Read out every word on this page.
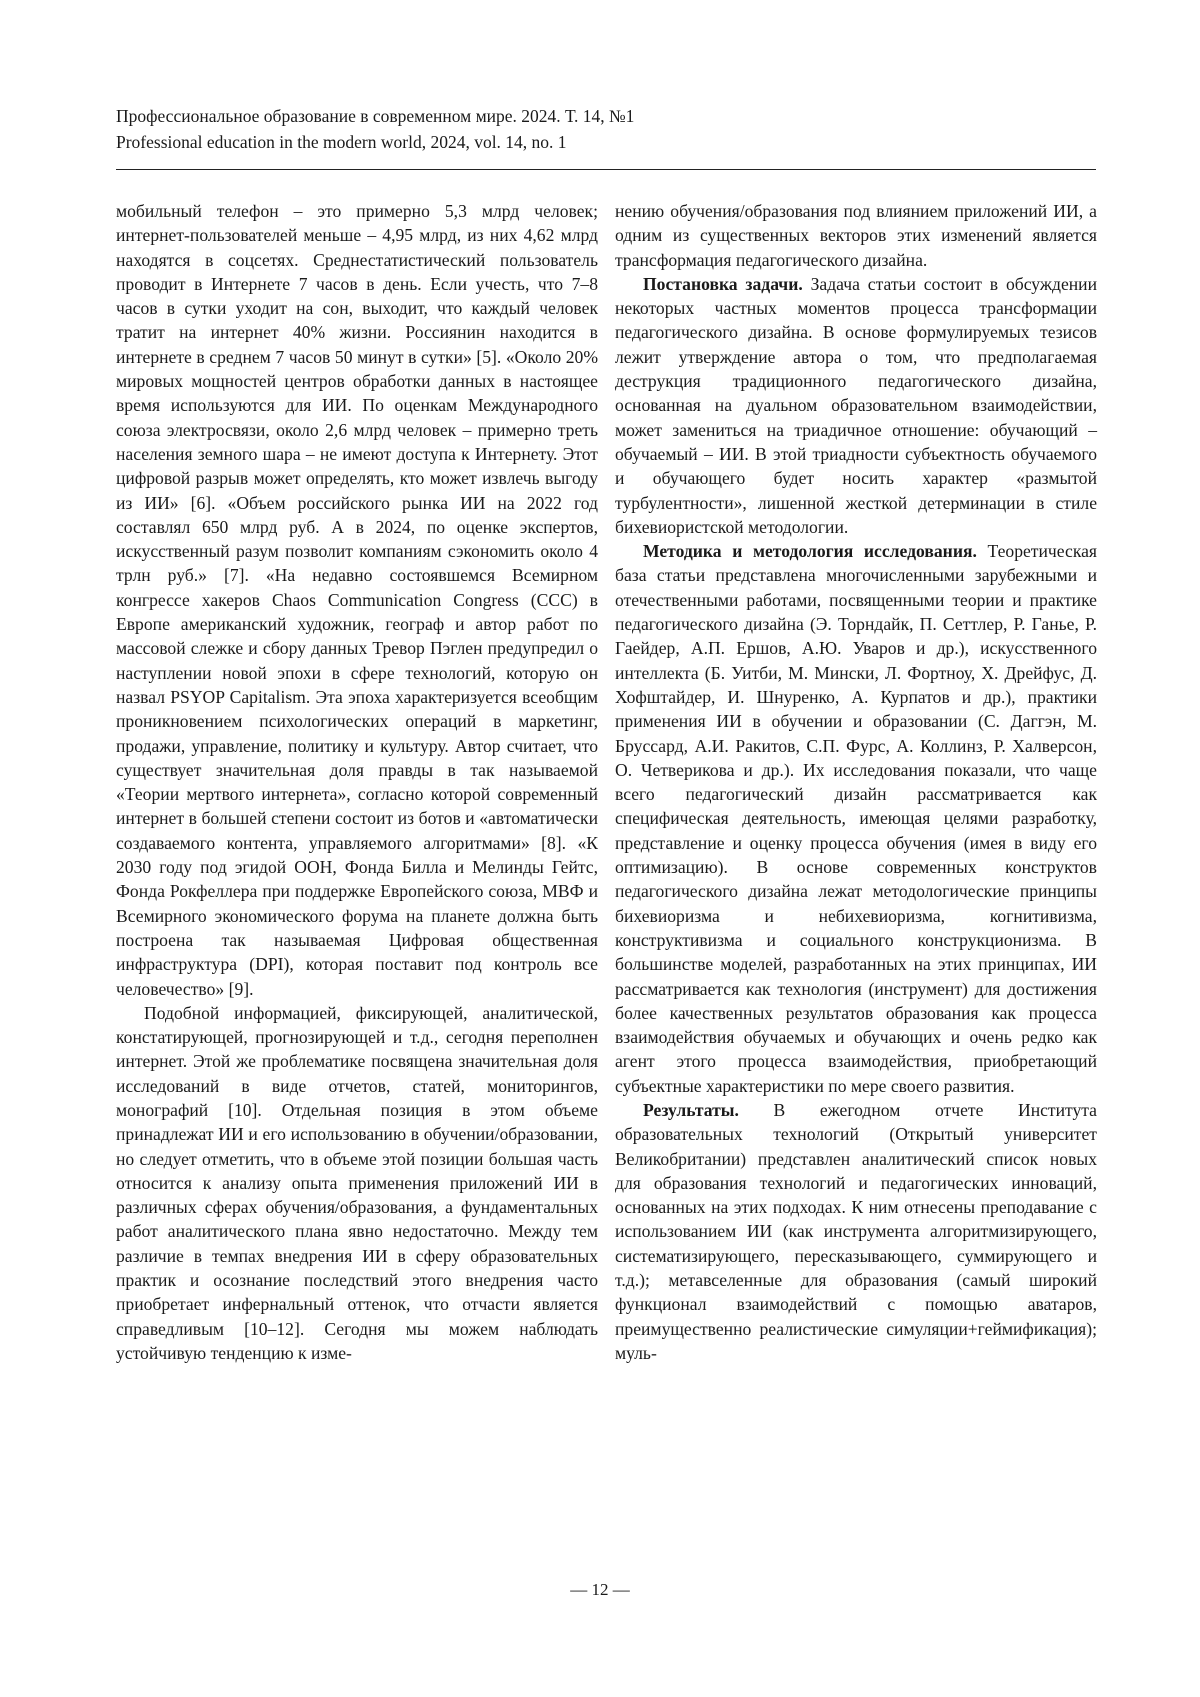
Профессиональное образование в современном мире. 2024. Т. 14, №1
Professional education in the modern world, 2024, vol. 14, no. 1

мобильный телефон – это примерно 5,3 млрд человек; интернет-пользователей меньше – 4,95 млрд, из них 4,62 млрд находятся в соцсетях. Среднестатистический пользователь проводит в Интернете 7 часов в день. Если учесть, что 7–8 часов в сутки уходит на сон, выходит, что каждый человек тратит на интернет 40% жизни. Россиянин находится в интернете в среднем 7 часов 50 минут в сутки» [5]. «Около 20% мировых мощностей центров обработки данных в настоящее время используются для ИИ. По оценкам Международного союза электросвязи, около 2,6 млрд человек – примерно треть населения земного шара – не имеют доступа к Интернету. Этот цифровой разрыв может определять, кто может извлечь выгоду из ИИ» [6]. «Объем российского рынка ИИ на 2022 год составлял 650 млрд руб. А в 2024, по оценке экспертов, искусственный разум позволит компаниям сэкономить около 4 трлн руб.» [7]. «На недавно состоявшемся Всемирном конгрессе хакеров Chaos Communication Congress (CCC) в Европе американский художник, географ и автор работ по массовой слежке и сбору данных Тревор Пэглен предупредил о наступлении новой эпохи в сфере технологий, которую он назвал PSYOP Capitalism. Эта эпоха характеризуется всеобщим проникновением психологических операций в маркетинг, продажи, управление, политику и культуру. Автор считает, что существует значительная доля правды в так называемой «Теории мертвого интернета», согласно которой современный интернет в большей степени состоит из ботов и «автоматически создаваемого контента, управляемого алгоритмами» [8]. «К 2030 году под эгидой ООН, Фонда Билла и Мелинды Гейтс, Фонда Рокфеллера при поддержке Европейского союза, МВФ и Всемирного экономического форума на планете должна быть построена так называемая Цифровая общественная инфраструктура (DPI), которая поставит под контроль все человечество» [9].

Подобной информацией, фиксирующей, аналитической, констатирующей, прогнозирующей и т.д., сегодня переполнен интернет. Этой же проблематике посвящена значительная доля исследований в виде отчетов, статей, мониторингов, монографий [10]. Отдельная позиция в этом объеме принадлежат ИИ и его использованию в обучении/образовании, но следует отметить, что в объеме этой позиции большая часть относится к анализу опыта применения приложений ИИ в различных сферах обучения/образования, а фундаментальных работ аналитического плана явно недостаточно. Между тем различие в темпах внедрения ИИ в сферу образовательных практик и осознание последствий этого внедрения часто приобретает инфернальный оттенок, что отчасти является справедливым [10–12]. Сегодня мы можем наблюдать устойчивую тенденцию к изме-

нению обучения/образования под влиянием приложений ИИ, а одним из существенных векторов этих изменений является трансформация педагогического дизайна.

Постановка задачи. Задача статьи состоит в обсуждении некоторых частных моментов процесса трансформации педагогического дизайна. В основе формулируемых тезисов лежит утверждение автора о том, что предполагаемая деструкция традиционного педагогического дизайна, основанная на дуальном образовательном взаимодействии, может замениться на триадичное отношение: обучающий – обучаемый – ИИ. В этой триадности субъектность обучаемого и обучающего будет носить характер «размытой турбулентности», лишенной жесткой детерминации в стиле бихевиористской методологии.

Методика и методология исследования. Теоретическая база статьи представлена многочисленными зарубежными и отечественными работами, посвященными теории и практике педагогического дизайна (Э. Торндайк, П. Сеттлер, Р. Ганье, Р. Гаейдер, А.П. Ершов, А.Ю. Уваров и др.), искусственного интеллекта (Б. Уитби, М. Мински, Л. Фортноу, Х. Дрейфус, Д. Хофштайдер, И. Шнуренко, А. Курпатов и др.), практики применения ИИ в обучении и образовании (С. Даггэн, М. Бруссард, А.И. Ракитов, С.П. Фурс, А. Коллинз, Р. Халверсон, О. Четверикова и др.). Их исследования показали, что чаще всего педагогический дизайн рассматривается как специфическая деятельность, имеющая целями разработку, представление и оценку процесса обучения (имея в виду его оптимизацию). В основе современных конструктов педагогического дизайна лежат методологические принципы бихевиоризма и небихевиоризма, когнитивизма, конструктивизма и социального конструкционизма. В большинстве моделей, разработанных на этих принципах, ИИ рассматривается как технология (инструмент) для достижения более качественных результатов образования как процесса взаимодействия обучаемых и обучающих и очень редко как агент этого процесса взаимодействия, приобретающий субъектные характеристики по мере своего развития.

Результаты. В ежегодном отчете Института образовательных технологий (Открытый университет Великобритании) представлен аналитический список новых для образования технологий и педагогических инноваций, основанных на этих подходах. К ним отнесены преподавание с использованием ИИ (как инструмента алгоритмизирующего, систематизирующего, пересказывающего, суммирующего и т.д.); метавселенные для образования (самый широкий функционал взаимодействий с помощью аватаров, преимущественно реалистические симуляции+геймификация); муль-

— 12 —
